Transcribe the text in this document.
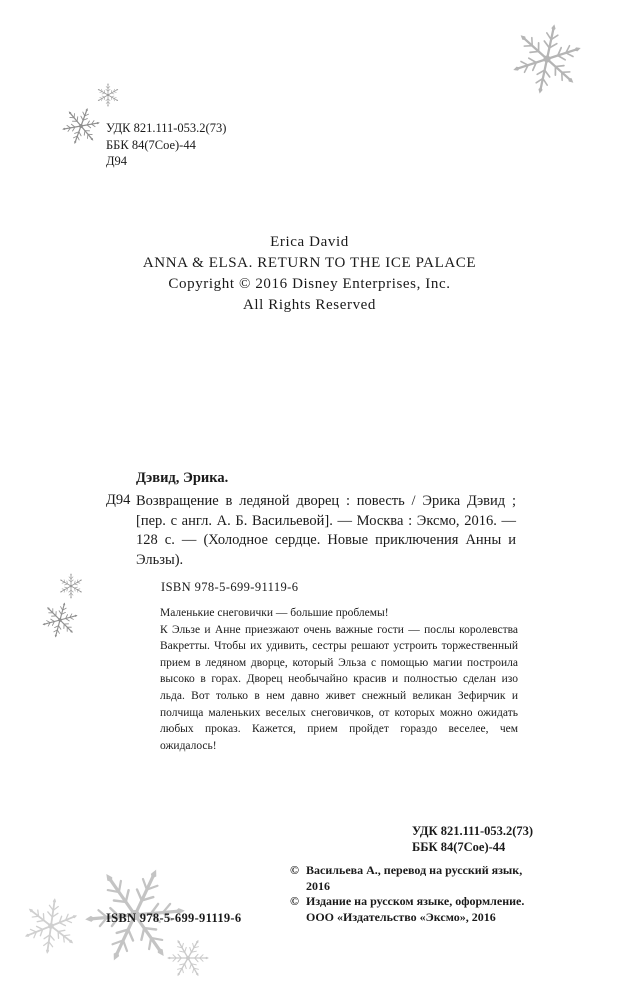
УДК 821.111-053.2(73)
ББК 84(7Сое)-44
Д94
Erica David
ANNA & ELSA. RETURN TO THE ICE PALACE
Copyright © 2016 Disney Enterprises, Inc.
All Rights Reserved
Дэвид, Эрика.
Д94 Возвращение в ледяной дворец : повесть / Эрика Дэвид ; [пер. с англ. А. Б. Васильевой]. — Москва : Эксмо, 2016. — 128 с. — (Холодное сердце. Новые приключения Анны и Эльзы).
ISBN 978-5-699-91119-6

Маленькие снеговички — большие проблемы!

К Эльзе и Анне приезжают очень важные гости — послы королевства Вакретты. Чтобы их удивить, сестры решают устроить торжественный прием в ледяном дворце, который Эльза с помощью магии построила высоко в горах. Дворец необычайно красив и полностью сделан изо льда. Вот только в нем давно живет снежный великан Зефирчик и полчища маленьких веселых снеговичков, от которых можно ожидать любых проказ. Кажется, прием пройдет гораздо веселее, чем ожидалось!

УДК 821.111-053.2(73)
ББК 84(7Сое)-44
© Васильева А., перевод на русский язык, 2016
© Издание на русском языке, оформление. ООО «Издательство «Эксмо», 2016
ISBN 978-5-699-91119-6
